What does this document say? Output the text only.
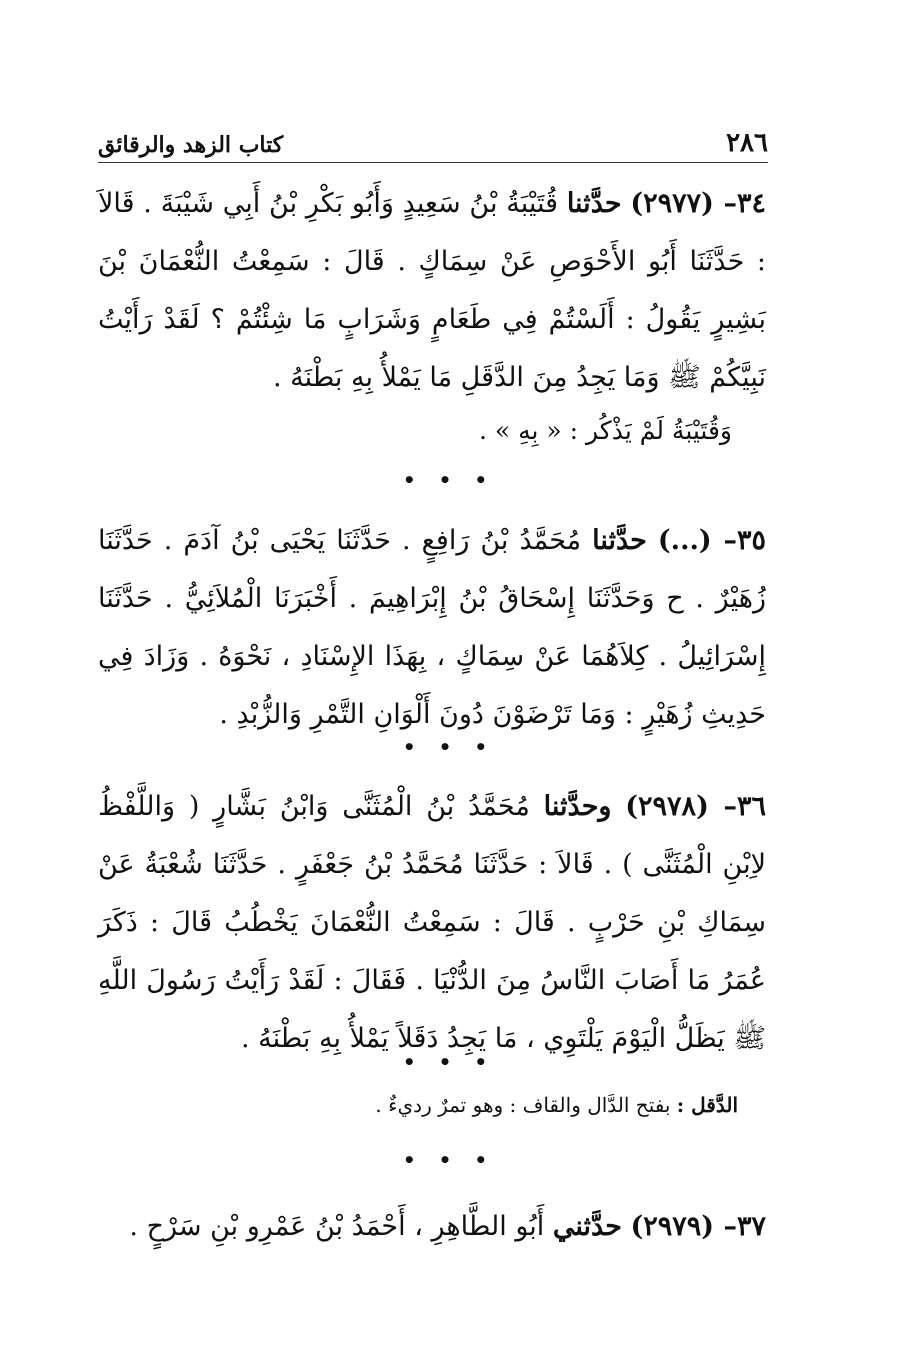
٢٨٦
كتاب الزهد والرقائق

٣٤– (٢٩٧٧) حدَّثنا قُتَيْبَةُ بْنُ سَعِيدٍ وَأَبُو بَكْرِ بْنُ أَبِي شَيْبَةَ . قَالاَ : حَدَّثَنَا أَبُو الأَحْوَصِ عَنْ سِمَاكٍ . قَالَ : سَمِعْتُ النُّعْمَانَ بْنَ بَشِيرٍ يَقُولُ : أَلَسْتُمْ فِي طَعَامٍ وَشَرَابٍ مَا شِئْتُمْ ؟ لَقَدْ رَأَيْتُ نَبِيَّكُمْ ﷺ وَمَا يَجِدُ مِنَ الدَّقَلِ مَا يَمْلأُ بِهِ بَطْنَهُ .

وَقُتَيْبَةُ لَمْ يَذْكُر : « بِهِ » .

• • •

٣٥– (...) حدَّثنا مُحَمَّدُ بْنُ رَافِعٍ . حَدَّثَنَا يَحْيَى بْنُ آدَمَ . حَدَّثَنَا زُهَيْرٌ . ح وَحَدَّثَنَا إِسْحَاقُ بْنُ إِبْرَاهِيمَ . أَخْبَرَنَا الْمُلاَئِيُّ . حَدَّثَنَا إِسْرَائِيلُ . كِلاَهُمَا عَنْ سِمَاكٍ ، بِهَذَا الإِسْنَادِ ، نَحْوَهُ . وَزَادَ فِي حَدِيثِ زُهَيْرٍ : وَمَا تَرْضَوْنَ دُونَ أَلْوَانِ التَّمْرِ وَالزُّبْدِ .

• • •

٣٦– (٢٩٧٨) وحدَّثنا مُحَمَّدُ بْنُ الْمُثَنَّى وَابْنُ بَشَّارٍ ( وَاللَّفْظُ لاِبْنِ الْمُثَنَّى ) . قَالاَ : حَدَّثَنَا مُحَمَّدُ بْنُ جَعْفَرٍ . حَدَّثَنَا شُعْبَةُ عَنْ سِمَاكِ بْنِ حَرْبٍ . قَالَ : سَمِعْتُ النُّعْمَانَ يَخْطُبُ قَالَ : ذَكَرَ عُمَرُ مَا أَصَابَ النَّاسُ مِنَ الدُّنْيَا . فَقَالَ : لَقَدْ رَأَيْتُ رَسُولَ اللَّهِ ﷺ يَظَلُّ الْيَوْمَ يَلْتَوِي ، مَا يَجِدُ دَقَلاً يَمْلأُ بِهِ بَطْنَهُ .

• • •
الدَّقل : بفتح الدَّال والقاف : وهو تمرٌ رديءٌ .
• • •

٣٧– (٢٩٧٩) حدَّثني أَبُو الطَّاهِرِ ، أَحْمَدُ بْنُ عَمْرِو بْنِ سَرْحٍ .
